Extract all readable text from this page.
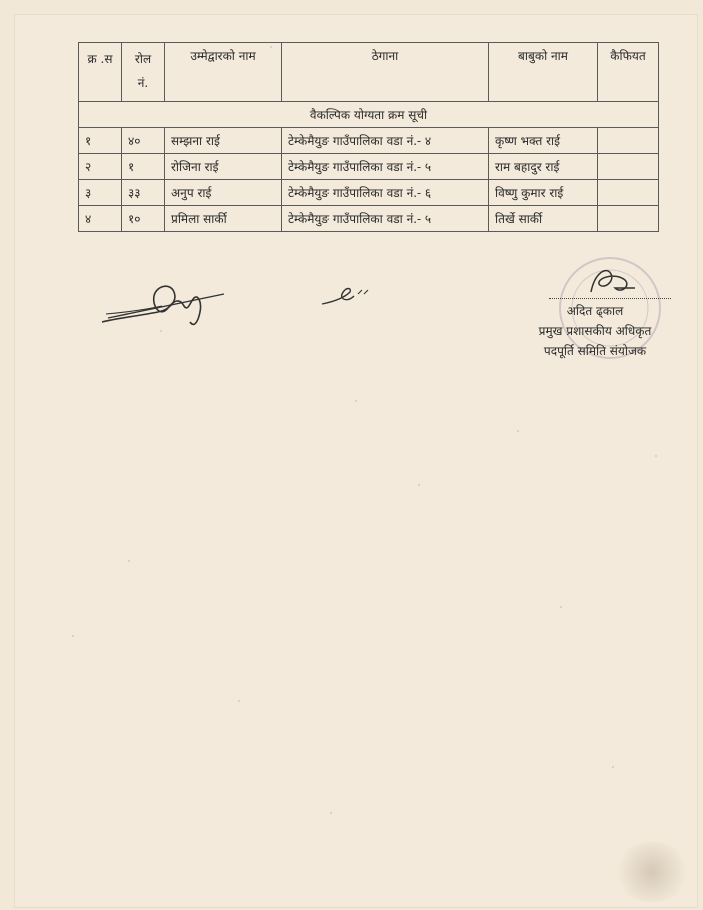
क्र .स	रोल नं.	उम्मेद्वारको नाम	ठेगाना	बाबुको नाम	कैफियत
वैकल्पिक योग्यता क्रम सूची					
१	४०	सम्झना राई	टेम्केमैयुङ गाउँपालिका वडा नं.- ४	कृष्ण भक्त राई	
२	१	रोजिना राई	टेम्केमैयुङ गाउँपालिका वडा नं.- ५	राम बहादुर राई	
३	३३	अनुप राई	टेम्केमैयुङ गाउँपालिका वडा नं.- ६	विष्णु कुमार राई	
४	१०	प्रमिला सार्की	टेम्केमैयुङ गाउँपालिका वडा नं.- ५	तिर्खे सार्की	
अदित ढ्काल
प्रमुख प्रशासकीय अधिकृत
पदपूर्ति समिति संयोजक
